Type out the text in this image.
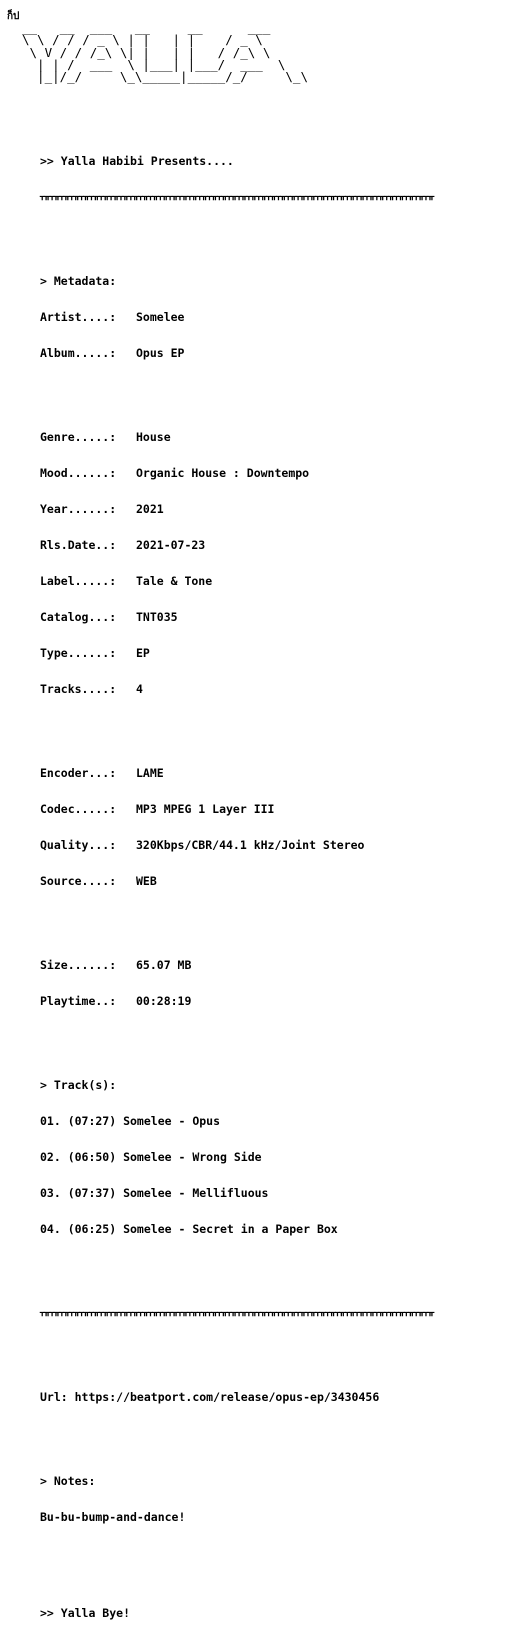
ก็ป
__   __  ___   __     __      ___
\ \ / / / _ \ | |   | |    / _ \
\ V / / /_\ \| |   | |   / /_\ \
| | /  ___  \ |___| |___/  ___  \
|_|/_/     \_\_____|_____/_/     \_\

>> Yalla Habibi Presents....

ᚁᚂᚁᚂᚁᚂᚁᚂᚁᚂᚁᚂᚁᚂᚁᚂᚁᚂᚁᚂᚁᚂᚁᚂᚁᚂᚁᚂᚁᚂᚁᚂᚁᚂᚁᚂᚁᚂᚁᚂᚁᚂᚁᚂᚁᚂᚁᚂᚁᚂᚁᚂᚁᚂᚁᚂᚁᚂᚁᚂᚁᚂᚁᚂᚁᚂᚁᚂᚁᚂᚁᚂᚁᚂᚁᚂᚁᚂᚁᚂ

> Metadata:

Artist....: Somelee

Album.....: Opus EP

Genre.....: House

Mood......: Organic House : Downtempo

Year......: 2021

Rls.Date..: 2021-07-23

Label.....: Tale & Tone

Catalog...: TNT035

Type......: EP

Tracks....: 4

Encoder...: LAME

Codec.....: MP3 MPEG 1 Layer III

Quality...: 320Kbps/CBR/44.1 kHz/Joint Stereo

Source....: WEB

Size......: 65.07 MB

Playtime..: 00:28:19

> Track(s):

01. (07:27) Somelee - Opus

02. (06:50) Somelee - Wrong Side

03. (07:37) Somelee - Mellifluous

04. (06:25) Somelee - Secret in a Paper Box

ᚁᚂᚁᚂᚁᚂᚁᚂᚁᚂᚁᚂᚁᚂᚁᚂᚁᚂᚁᚂᚁᚂᚁᚂᚁᚂᚁᚂᚁᚂᚁᚂᚁᚂᚁᚂᚁᚂᚁᚂᚁᚂᚁᚂᚁᚂᚁᚂᚁᚂᚁᚂᚁᚂᚁᚂᚁᚂᚁᚂᚁᚂᚁᚂᚁᚂᚁᚂᚁᚂᚁᚂᚁᚂᚁᚂᚁᚂᚁᚂ

Url: https://beatport.com/release/opus-ep/3430456

> Notes:

Bu-bu-bump-and-dance!

>> Yalla Bye!
